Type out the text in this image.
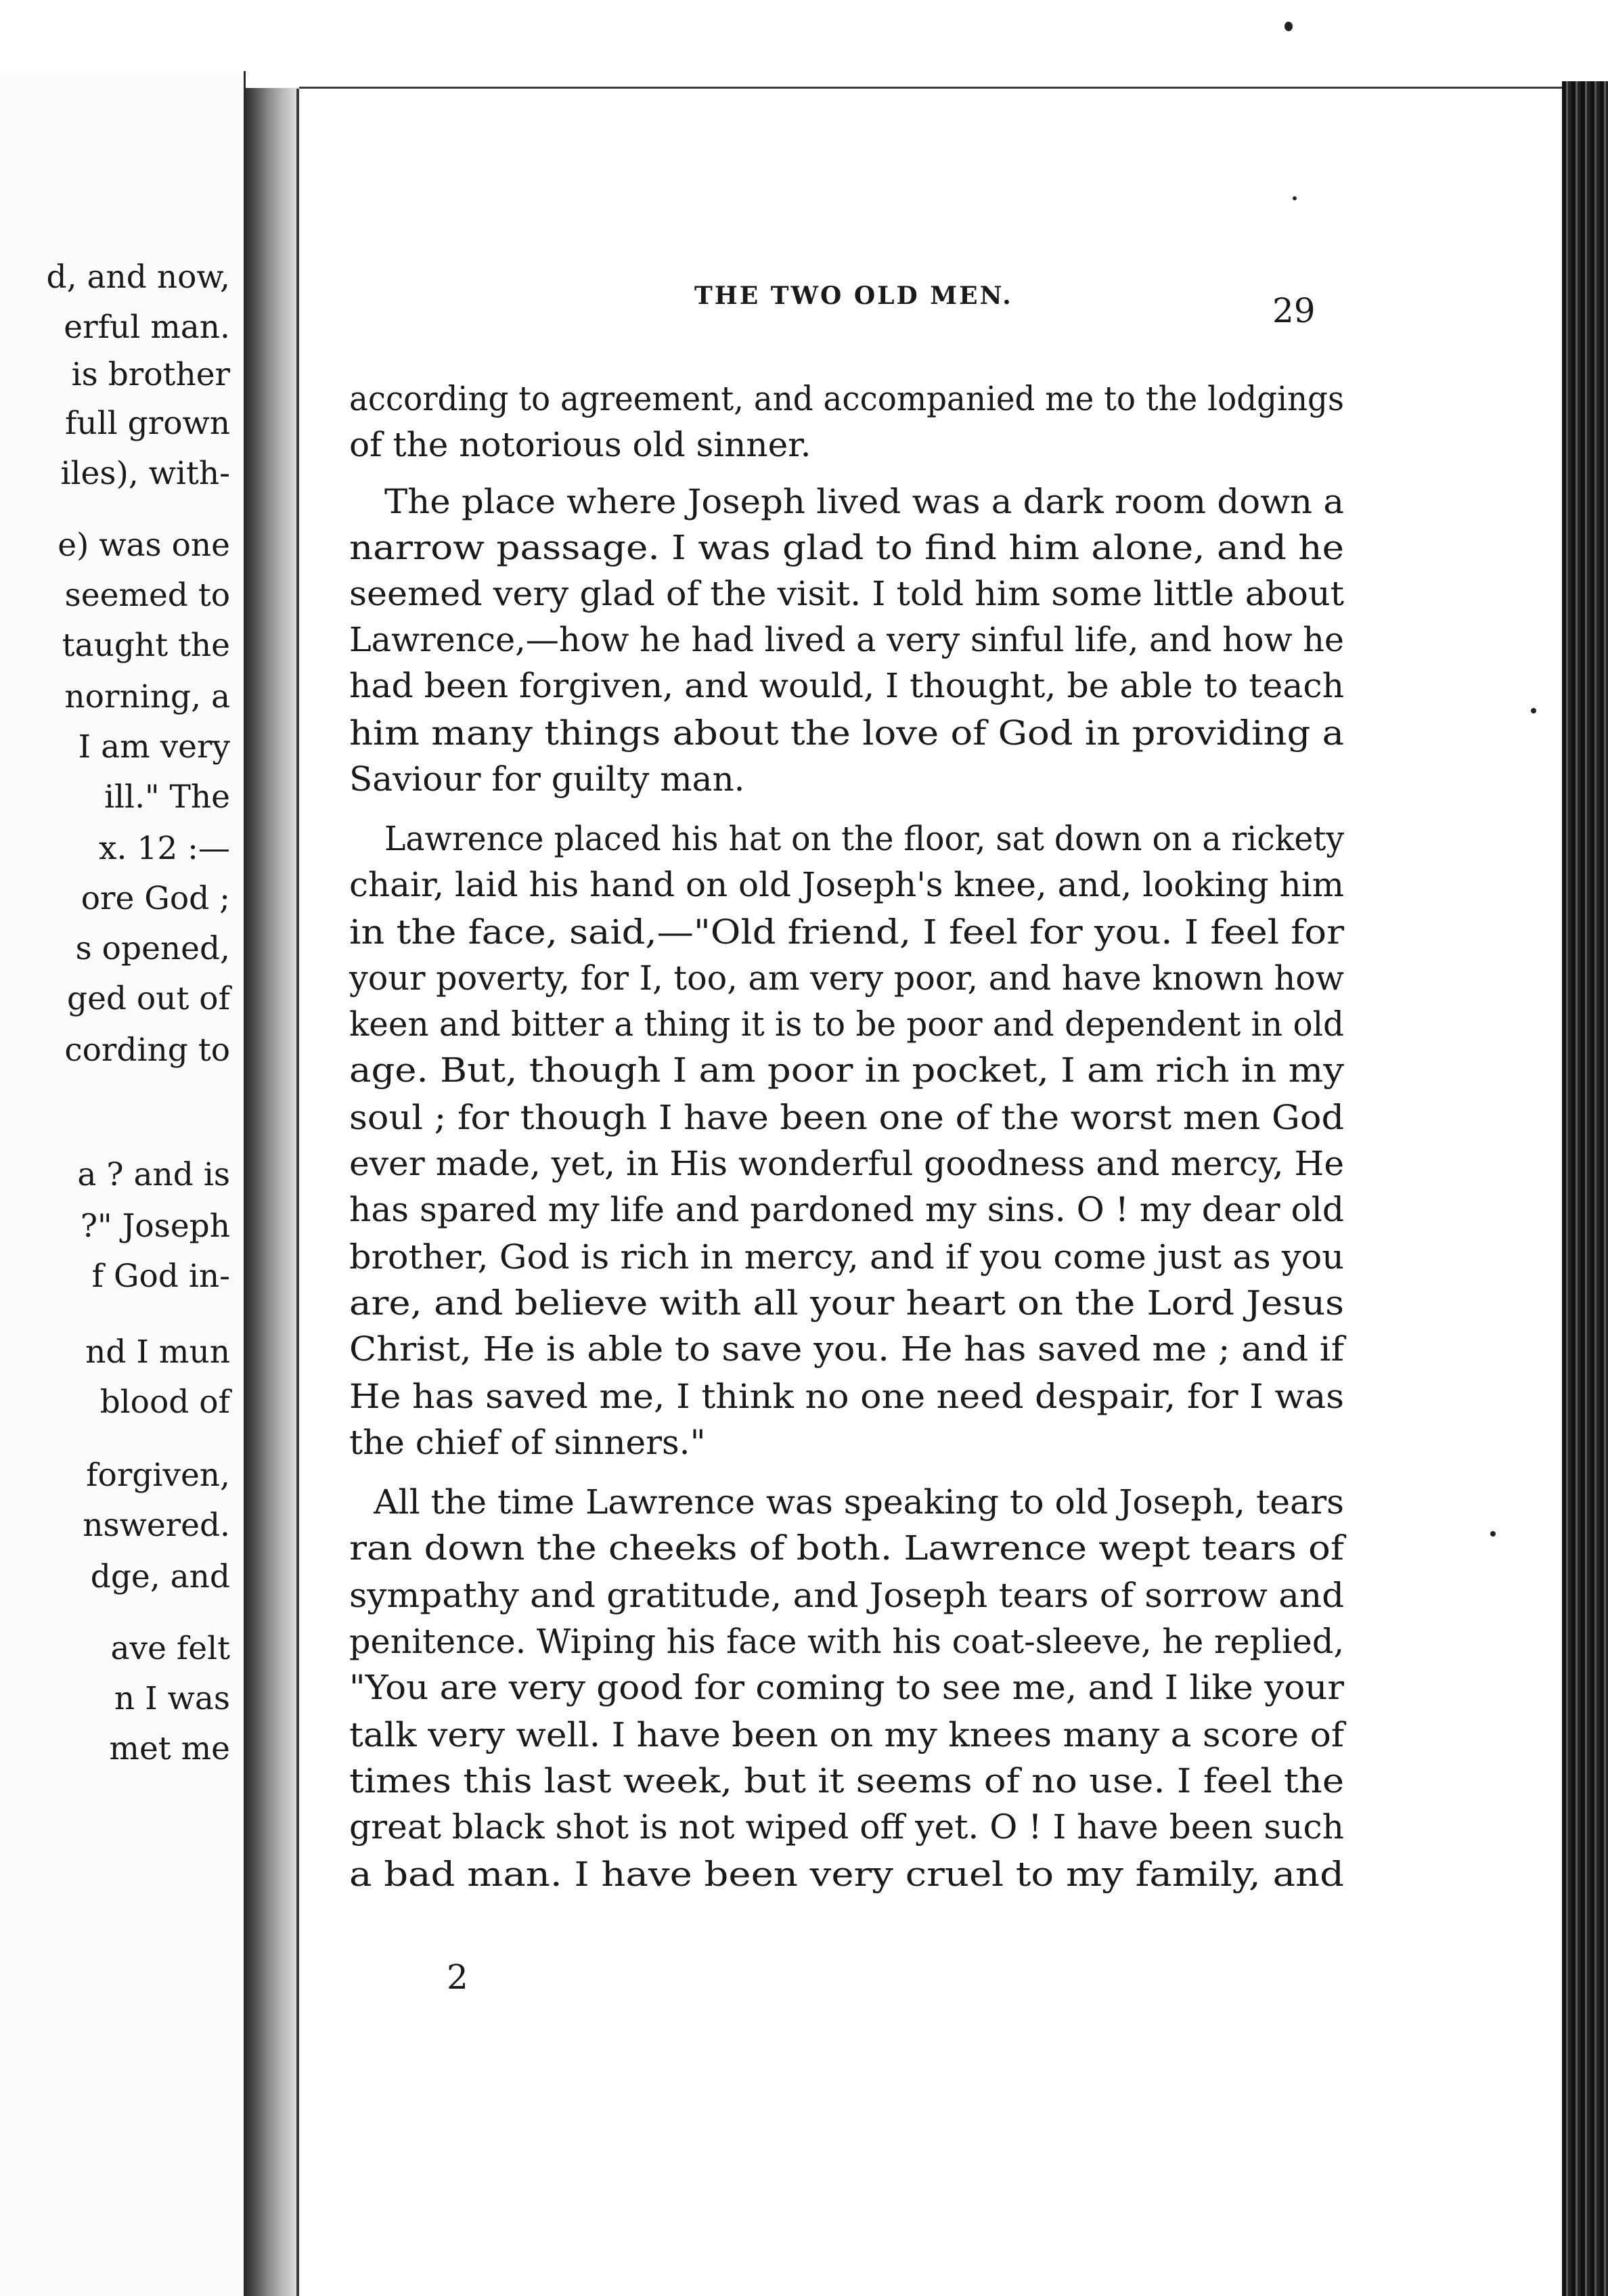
d, and now,
erful man.
is brother
full grown
iles), with-
e) was one
seemed to
taught the
norning, a
I am very
ill." The
x. 12 :—
ore God ;
s opened,
ged out of
cording to
a ? and is
?" Joseph
f God in-
nd I mun
blood of
forgiven,
nswered.
dge, and
ave felt
n I was
met me
THE TWO OLD MEN.	29
according to agreement, and accompanied me to the lodgings
of the notorious old sinner.
The place where Joseph lived was a dark room down a
narrow passage. I was glad to find him alone, and he
seemed very glad of the visit. I told him some little about
Lawrence,—how he had lived a very sinful life, and how he
had been forgiven, and would, I thought, be able to teach
him many things about the love of God in providing a
Saviour for guilty man.
Lawrence placed his hat on the floor, sat down on a rickety
chair, laid his hand on old Joseph's knee, and, looking him
in the face, said,—"Old friend, I feel for you. I feel for
your poverty, for I, too, am very poor, and have known how
keen and bitter a thing it is to be poor and dependent in old
age. But, though I am poor in pocket, I am rich in my
soul ; for though I have been one of the worst men God
ever made, yet, in His wonderful goodness and mercy, He
has spared my life and pardoned my sins. O ! my dear old
brother, God is rich in mercy, and if you come just as you
are, and believe with all your heart on the Lord Jesus
Christ, He is able to save you. He has saved me ; and if
He has saved me, I think no one need despair, for I was
the chief of sinners."
All the time Lawrence was speaking to old Joseph, tears
ran down the cheeks of both. Lawrence wept tears of
sympathy and gratitude, and Joseph tears of sorrow and
penitence. Wiping his face with his coat-sleeve, he replied,
"You are very good for coming to see me, and I like your
talk very well. I have been on my knees many a score of
times this last week, but it seems of no use. I feel the
great black shot is not wiped off yet. O ! I have been such
a bad man. I have been very cruel to my family, and
2
